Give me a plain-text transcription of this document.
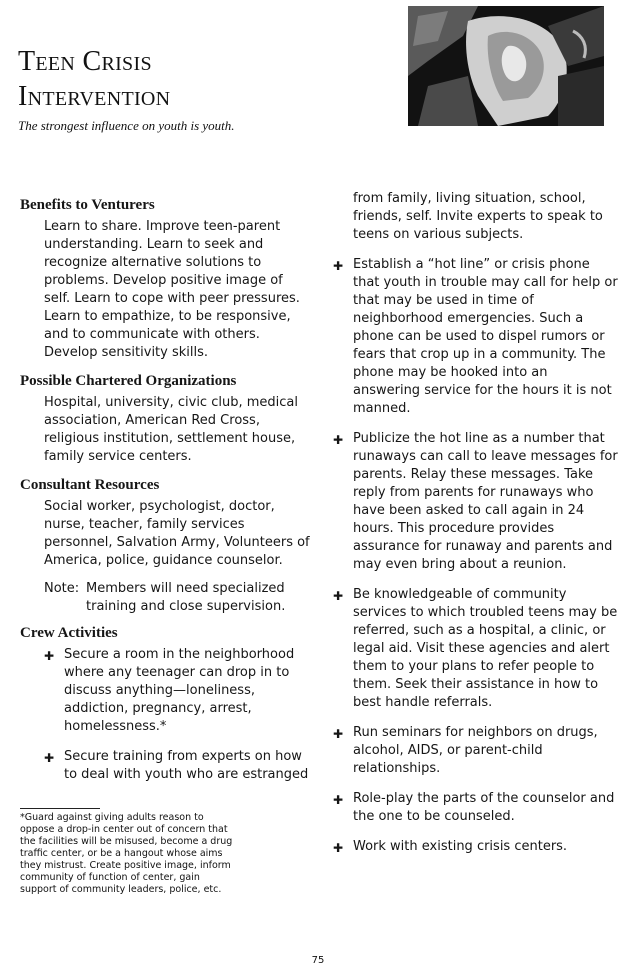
Teen Crisis
Intervention
The strongest influence on youth is youth.
Benefits to Venturers

Learn to share. Improve teen-parent understanding. Learn to seek and recognize alternative solutions to problems. Develop positive image of self. Learn to cope with peer pressures. Learn to empathize, to be responsive, and to communicate with others. Develop sensitivity skills.

Possible Chartered Organizations

Hospital, university, civic club, medical association, American Red Cross, religious institution, settlement house, family service centers.

Consultant Resources

Social worker, psychologist, doctor, nurse, teacher, family services personnel, Salvation Army, Volunteers of America, police, guidance counselor.

Note: Members will need specialized training and close supervision.
Crew Activities
✚ Secure a room in the neighborhood where any teenager can drop in to discuss anything—loneliness, addiction, pregnancy, arrest, homelessness.*
✚ Secure training from experts on how to deal with youth who are estranged
from family, living situation, school, friends, self. Invite experts to speak to teens on various subjects.
✚ Establish a “hot line” or crisis phone that youth in trouble may call for help or that may be used in time of neighborhood emergencies. Such a phone can be used to dispel rumors or fears that crop up in a community. The phone may be hooked into an answering service for the hours it is not manned.
✚ Publicize the hot line as a number that runaways can call to leave messages for parents. Relay these messages. Take reply from parents for runaways who have been asked to call again in 24 hours. This procedure provides assurance for runaway and parents and may even bring about a reunion.
✚ Be knowledgeable of community services to which troubled teens may be referred, such as a hospital, a clinic, or legal aid. Visit these agencies and alert them to your plans to refer people to them. Seek their assistance in how to best handle referrals.
✚ Run seminars for neighbors on drugs, alcohol, AIDS, or parent-child relationships.
✚ Role-play the parts of the counselor and the one to be counseled.
✚ Work with existing crisis centers.
*Guard against giving adults reason to oppose a drop-in center out of concern that the facilities will be misused, become a drug traffic center, or be a hangout whose aims they mistrust. Create positive image, inform community of function of center, gain support of community leaders, police, etc.
75
